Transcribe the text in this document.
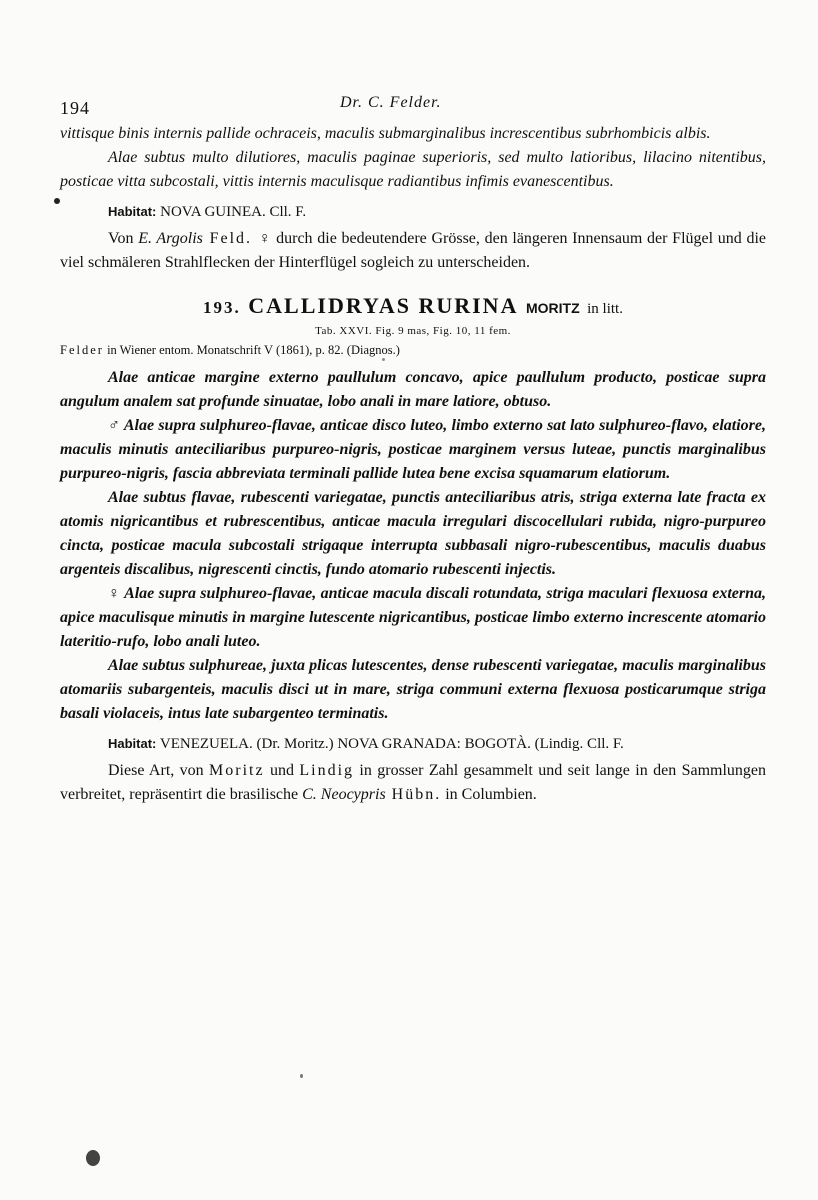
194	Dr. C. Felder.

vittisque binis internis pallide ochraceis, maculis submarginalibus increscentibus subrhombicis albis.

Alae subtus multo dilutiores, maculis paginae superioris, sed multo latioribus, lilacino nitentibus, posticae vitta subcostali, vittis internis maculisque radiantibus infimis evanescentibus.

Habitat: NOVA GUINEA. Cll. F.

Von E. Argolis Feld. ♀ durch die bedeutendere Grösse, den längeren Innensaum der Flügel und die viel schmäleren Strahlflecken der Hinterflügel sogleich zu unterscheiden.

193. CALLIDRYAS RURINA MORITZ in litt.
Tab. XXVI. Fig. 9 mas, Fig. 10, 11 fem.
Felder in Wiener entom. Monatschrift V (1861), p. 82. (Diagnos.)

Alae anticae margine externo paullulum concavo, apice paullulum producto, posticae supra angulum analem sat profunde sinuatae, lobo anali in mare latiore, obtuso.

♂ Alae supra sulphureo-flavae, anticae disco luteo, limbo externo sat lato sulphureo-flavo, elatiore, maculis minutis anteciliaribus purpureo-nigris, posticae marginem versus luteae, punctis marginalibus purpureo-nigris, fascia abbreviata terminali pallide lutea bene excisa squamarum elatiorum.

Alae subtus flavae, rubescenti variegatae, punctis anteciliaribus atris, striga externa late fracta ex atomis nigricantibus et rubrescentibus, anticae macula irregulari discocellulari rubida, nigro-purpureo cincta, posticae macula subcostali strigaque interrupta subbasali nigro-rubescentibus, maculis duabus argenteis discalibus, nigrescenti cinctis, fundo atomario rubescenti injectis.

♀ Alae supra sulphureo-flavae, anticae macula discali rotundata, striga maculari flexuosa externa, apice maculisque minutis in margine lutescente nigricantibus, posticae limbo externo increscente atomario lateritio-rufo, lobo anali luteo.

Alae subtus sulphureae, juxta plicas lutescentes, dense rubescenti variegatae, maculis marginalibus atomariis subargenteis, maculis disci ut in mare, striga communi externa flexuosa posticarumque striga basali violaceis, intus late subargenteo terminatis.

Habitat: VENEZUELA. (Dr. Moritz.) NOVA GRANADA: BOGOTÀ. (Lindig. Cll. F.

Diese Art, von Moritz und Lindig in grosser Zahl gesammelt und seit lange in den Sammlungen verbreitet, repräsentirt die brasilische C. Neocypris Hübn. in Columbien.
